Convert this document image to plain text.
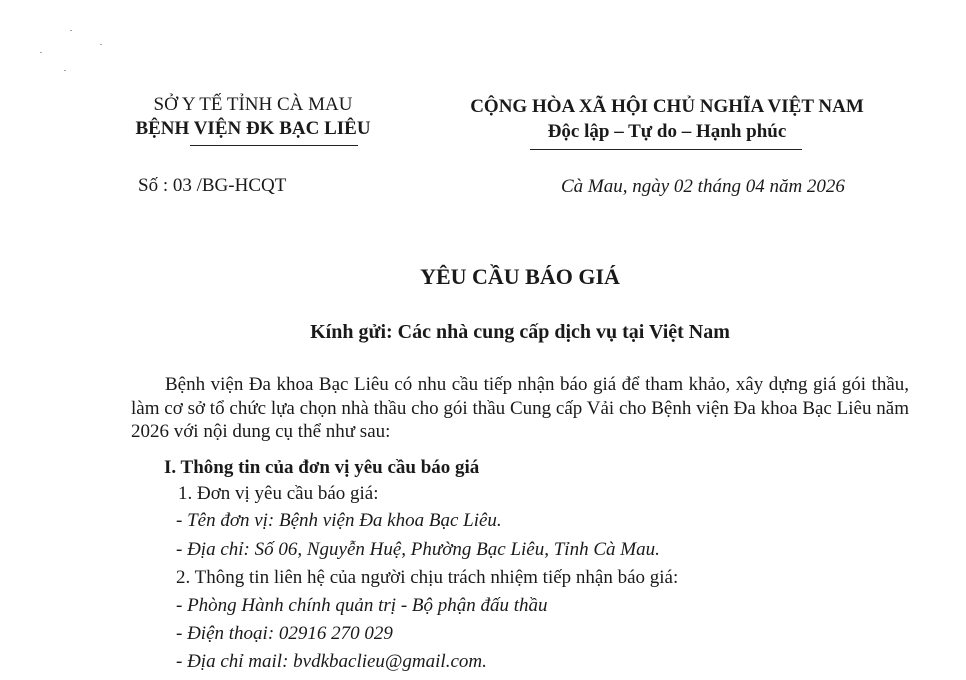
SỞ Y TẾ TỈNH CÀ MAU
BỆNH VIỆN ĐK BẠC LIÊU
CỘNG HÒA XÃ HỘI CHỦ NGHĨA VIỆT NAM
Độc lập – Tự do – Hạnh phúc
Số : 03 /BG-HCQT	Cà Mau, ngày 02 tháng 04 năm 2026
YÊU CẦU BÁO GIÁ
Kính gửi: Các nhà cung cấp dịch vụ tại Việt Nam
Bệnh viện Đa khoa Bạc Liêu có nhu cầu tiếp nhận báo giá để tham khảo, xây dựng giá gói thầu, làm cơ sở tổ chức lựa chọn nhà thầu cho gói thầu Cung cấp Vải cho Bệnh viện Đa khoa Bạc Liêu năm 2026 với nội dung cụ thể như sau:
I. Thông tin của đơn vị yêu cầu báo giá
1. Đơn vị yêu cầu báo giá:
- Tên đơn vị: Bệnh viện Đa khoa Bạc Liêu.
- Địa chỉ: Số 06, Nguyễn Huệ, Phường Bạc Liêu, Tỉnh Cà Mau.
2. Thông tin liên hệ của người chịu trách nhiệm tiếp nhận báo giá:
- Phòng Hành chính quản trị - Bộ phận đấu thầu
- Điện thoại: 02916 270 029
- Địa chỉ mail: bvdkbaclieu@gmail.com.
